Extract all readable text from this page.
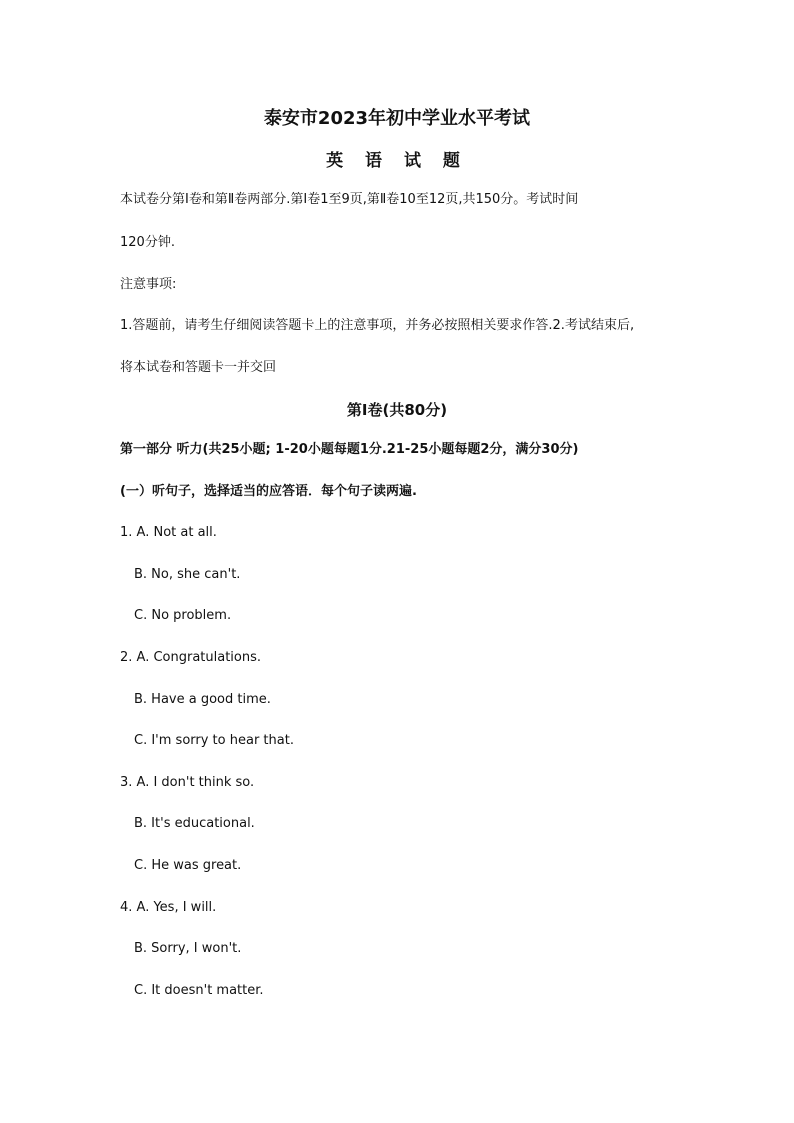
泰安市2023年初中学业水平考试
英 语 试 题
本试卷分第Ⅰ卷和第Ⅱ卷两部分.第Ⅰ卷1至9页,第Ⅱ卷10至12页,共150分。考试时间
120分钟.
注意事项:
1.答题前，请考生仔细阅读答题卡上的注意事项，并务必按照相关要求作答.2.考试结束后,
将本试卷和答题卡一并交回
第Ⅰ卷(共80分)
第一部分 听力(共25小题; 1-20小题每题1分.21-25小题每题2分，满分30分)
(一）听句子，选择适当的应答语．每个句子读两遍.
1. A. Not at all.
B. No, she can't.
C. No problem.
2. A. Congratulations.
B. Have a good time.
C. I'm sorry to hear that.
3. A. I don't think so.
B. It's educational.
C. He was great.
4. A. Yes, I will.
B. Sorry, I won't.
C. It doesn't matter.
